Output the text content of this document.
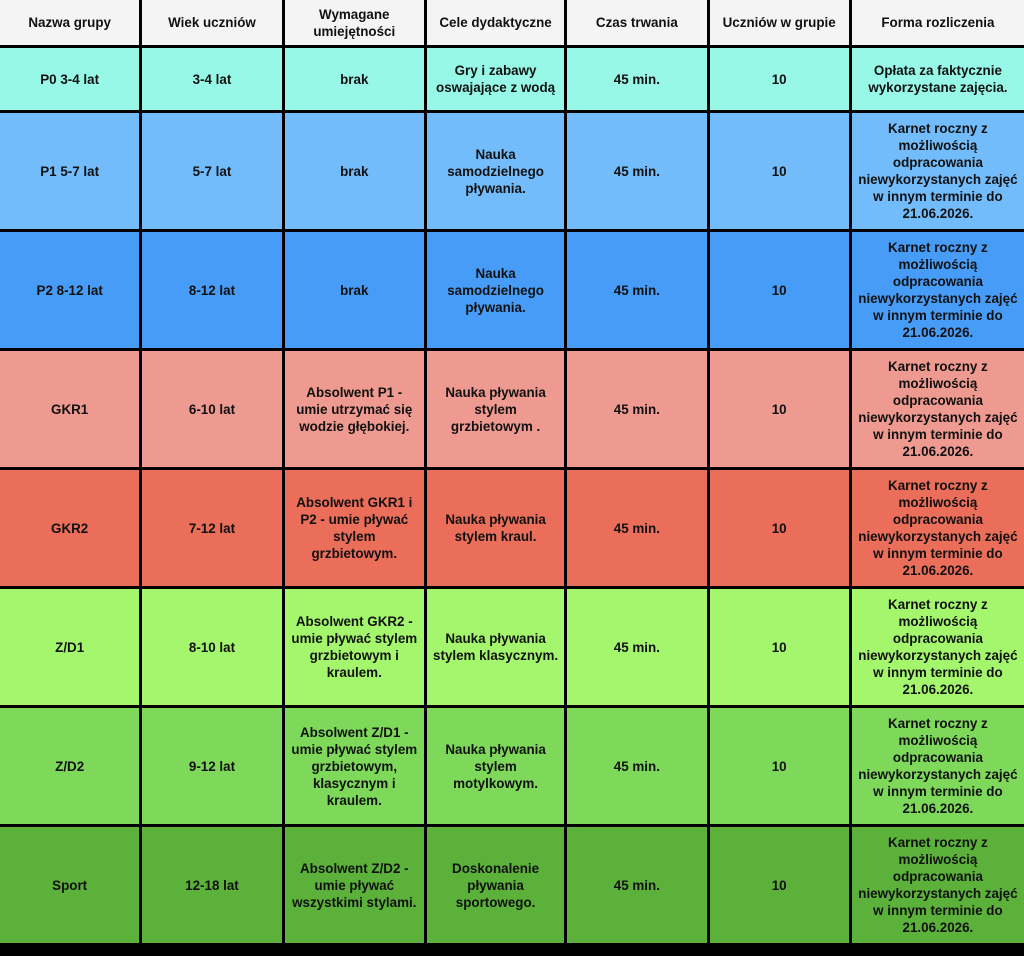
Nazwa grupy	Wiek uczniów	Wymagane umiejętności	Cele dydaktyczne	Czas trwania	Uczniów w grupie	Forma rozliczenia
P0 3-4 lat	3-4 lat	brak	Gry i zabawy oswajające z wodą	45 min.	10	Opłata za faktycznie wykorzystane zajęcia.
P1 5-7 lat	5-7 lat	brak	Nauka samodzielnego pływania.	45 min.	10	Karnet roczny z możliwością odpracowania niewykorzystanych zajęć w innym terminie do 21.06.2026.
P2 8-12 lat	8-12 lat	brak	Nauka samodzielnego pływania.	45 min.	10	Karnet roczny z możliwością odpracowania niewykorzystanych zajęć w innym terminie do 21.06.2026.
GKR1	6-10 lat	Absolwent P1 - umie utrzymać się wodzie głębokiej.	Nauka pływania stylem grzbietowym .	45 min.	10	Karnet roczny z możliwością odpracowania niewykorzystanych zajęć w innym terminie do 21.06.2026.
GKR2	7-12 lat	Absolwent GKR1 i P2 - umie pływać stylem grzbietowym.	Nauka pływania stylem kraul.	45 min.	10	Karnet roczny z możliwością odpracowania niewykorzystanych zajęć w innym terminie do 21.06.2026.
Z/D1	8-10 lat	Absolwent GKR2 - umie pływać stylem grzbietowym i kraulem.	Nauka pływania stylem klasycznym.	45 min.	10	Karnet roczny z możliwością odpracowania niewykorzystanych zajęć w innym terminie do 21.06.2026.
Z/D2	9-12 lat	Absolwent Z/D1 - umie pływać stylem grzbietowym, klasycznym i kraulem.	Nauka pływania stylem motylkowym.	45 min.	10	Karnet roczny z możliwością odpracowania niewykorzystanych zajęć w innym terminie do 21.06.2026.
Sport	12-18 lat	Absolwent Z/D2 - umie pływać wszystkimi stylami.	Doskonalenie pływania sportowego.	45 min.	10	Karnet roczny z możliwością odpracowania niewykorzystanych zajęć w innym terminie do 21.06.2026.
